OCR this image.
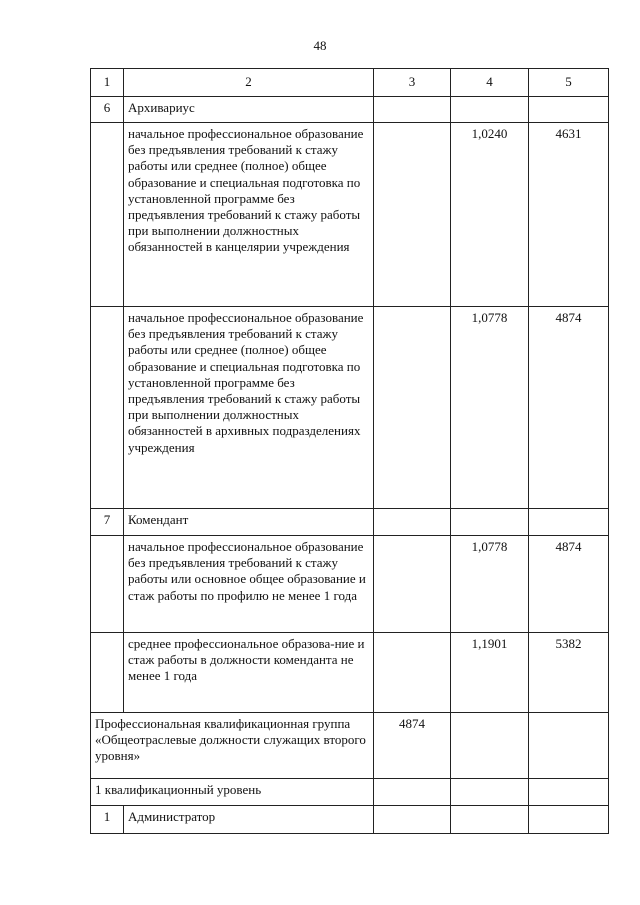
48
1	2	3	4	5
6	Архивариус			
	начальное профессиональное образование без предъявления требований к стажу работы или среднее (полное) общее образование и специальная подготовка по установленной программе без предъявления требований к стажу работы при выполнении должностных обязанностей в канцелярии учреждения		1,0240	4631
	начальное профессиональное образование без предъявления требований к стажу работы или среднее (полное) общее образование и специальная подготовка по установленной программе без предъявления требований к стажу работы при выполнении должностных обязанностей в архивных подразделениях учреждения		1,0778	4874
7	Комендант			
	начальное профессиональное образование без предъявления требований к стажу работы или основное общее образование и стаж работы по профилю не менее 1 года		1,0778	4874
	среднее профессиональное образова-ние и стаж работы в должности коменданта не менее 1 года		1,1901	5382
Профессиональная квалификационная группа «Общеотраслевые должности служащих второго уровня»		4874		
1 квалификационный уровень				
1	Администратор			
